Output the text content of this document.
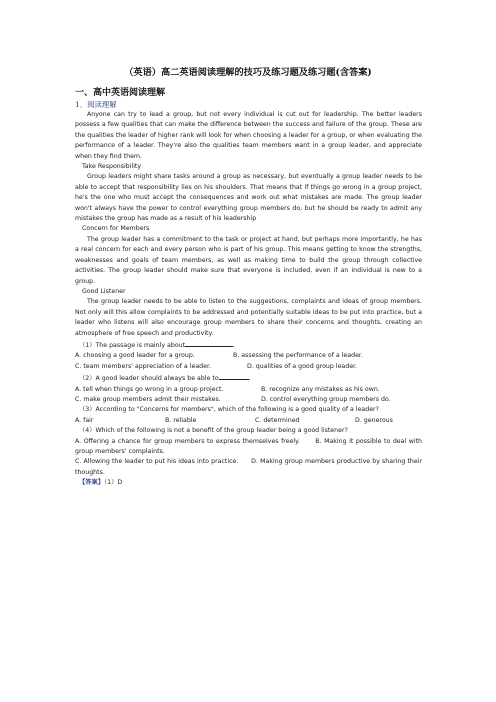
（英语）高二英语阅读理解的技巧及练习题及练习题(含答案)
一、高中英语阅读理解
1．阅读理解

Anyone can try to lead a group, but not every individual is cut out for leadership. The better leaders possess a few qualities that can make the difference between the success and failure of the group. These are the qualities the leader of higher rank will look for when choosing a leader for a group, or when evaluating the performance of a leader. They're also the qualities team members want in a group leader, and appreciate when they find them.

Take Responsibility

Group leaders might share tasks around a group as necessary, but eventually a group leader needs to be able to accept that responsibility lies on his shoulders. That means that if things go wrong in a group project, he's the one who must accept the consequences and work out what mistakes are made. The group leader won't always have the power to control everything group members do, but he should be ready to admit any mistakes the group has made as a result of his leadership

Concern for Members

The group leader has a commitment to the task or project at hand, but perhaps more importantly, he has a real concern for each and every person who is part of his group. This means getting to know the strengths, weaknesses and goals of team members, as well as making time to build the group through collective activities. The group leader should make sure that everyone is included, even if an individual is new to a group.

Good Listener

The group leader needs to be able to listen to the suggestions, complaints and ideas of group members. Not only will this allow complaints to be addressed and potentially suitable ideas to be put into practice, but a leader who listens will also encourage group members to share their concerns and thoughts, creating an atmosphere of free speech and productivity.

（1）The passage is mainly about	.

A. choosing a good leader for a group.	B. assessing the performance of a leader.

C. team members' appreciation of a leader.	D. qualities of a good group leader.

（2）A good leader should always be able to	.

A. tell when things go wrong in a group project.	B. recognize any mistakes as his own.

C. make group members admit their mistakes.	D. control everything group members do.

（3）According to "Concerns for members", which of the following is a good quality of a leader?

A. fair	B. reliable	C. determined	D. generous

（4）Which of the following is not a benefit of the group leader being a good listener?

A. Offering a chance for group members to express themselves freely. B. Making it possible to deal with group members' complaints.

C. Allowing the leader to put his ideas into practice. D. Making group members productive by sharing their thoughts.

【答案】（1）D
